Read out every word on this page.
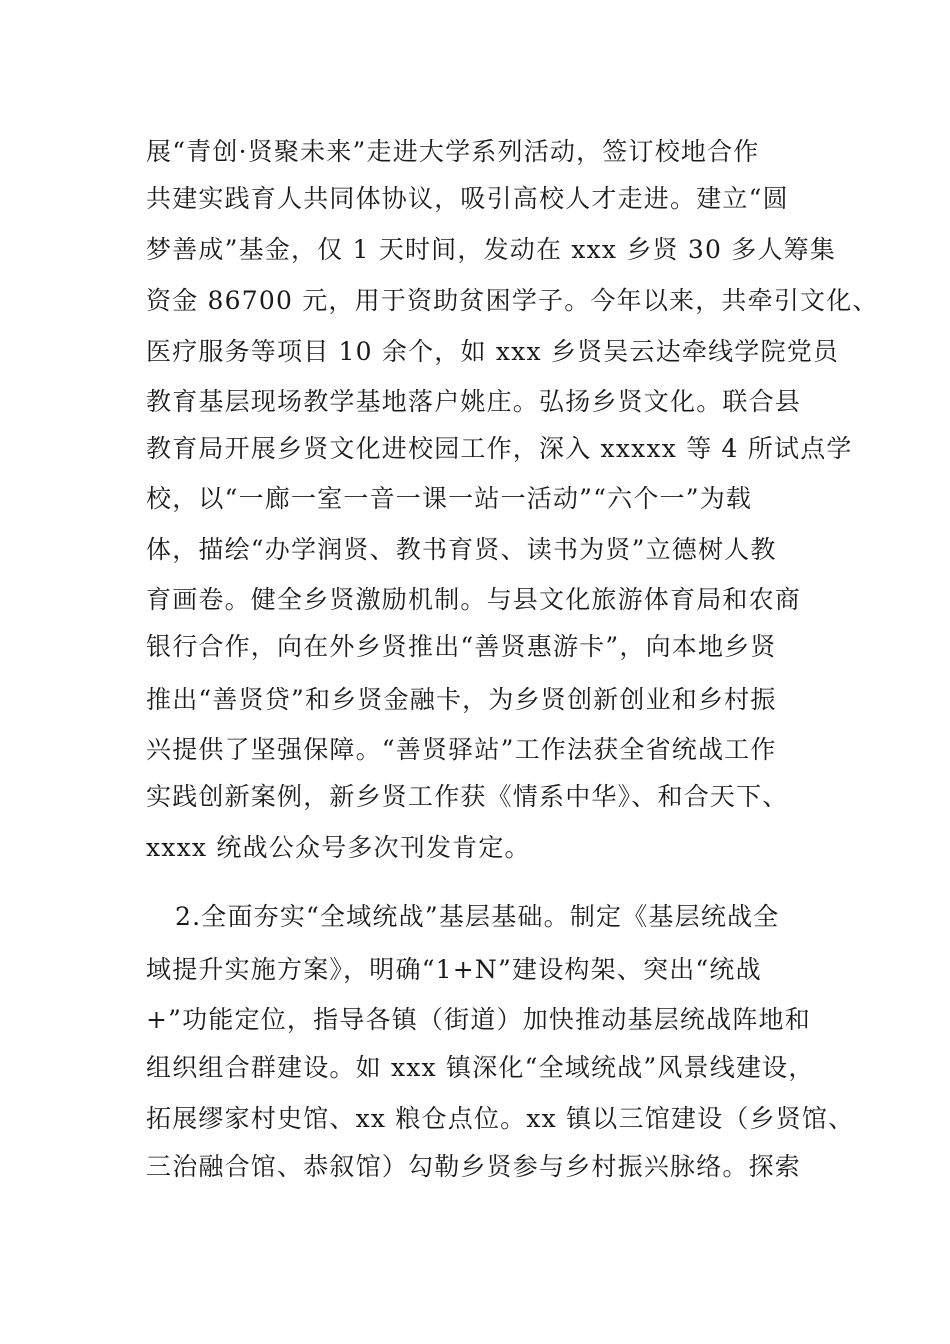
展“青创·贤聚未来”走进大学系列活动，签订校地合作
共建实践育人共同体协议，吸引高校人才走进。建立“圆
梦善成”基金，仅 1 天时间，发动在 xxx 乡贤 30 多人筹集
资金 86700 元，用于资助贫困学子。今年以来，共牵引文化、
医疗服务等项目 10 余个，如 xxx 乡贤吴云达牵线学院党员
教育基层现场教学基地落户姚庄。弘扬乡贤文化。联合县
教育局开展乡贤文化进校园工作，深入 xxxxx 等 4 所试点学
校，以“一廊一室一音一课一站一活动”“六个一”为载
体，描绘“办学润贤、教书育贤、读书为贤”立德树人教
育画卷。健全乡贤激励机制。与县文化旅游体育局和农商
银行合作，向在外乡贤推出“善贤惠游卡”，向本地乡贤
推出“善贤贷”和乡贤金融卡，为乡贤创新创业和乡村振
兴提供了坚强保障。“善贤驿站”工作法获全省统战工作
实践创新案例，新乡贤工作获《情系中华》、和合天下、
xxxx 统战公众号多次刊发肯定。
2.全面夯实“全域统战”基层基础。制定《基层统战全
域提升实施方案》，明确“1+N”建设构架、突出“统战
+”功能定位，指导各镇（街道）加快推动基层统战阵地和
组织组合群建设。如 xxx 镇深化“全域统战”风景线建设，
拓展缪家村史馆、xx 粮仓点位。xx 镇以三馆建设（乡贤馆、
三治融合馆、恭叙馆）勾勒乡贤参与乡村振兴脉络。探索
